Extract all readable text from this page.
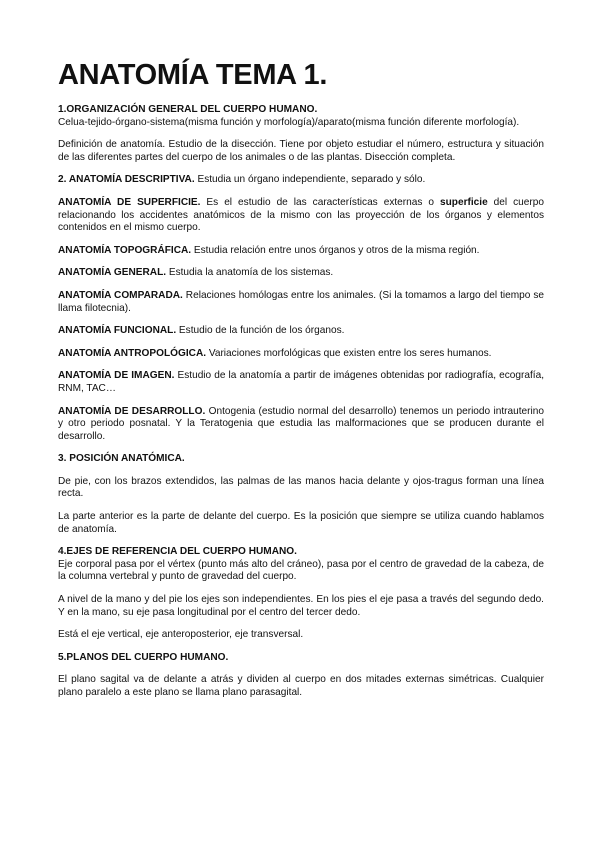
ANATOMÍA TEMA 1.

1.ORGANIZACIÓN GENERAL DEL CUERPO HUMANO.
Celua-tejido-órgano-sistema(misma función y morfología)/aparato(misma función diferente morfología).

Definición de anatomía. Estudio de la disección. Tiene por objeto estudiar el número, estructura y situación de las diferentes partes del cuerpo de los animales o de las plantas. Disección completa.

2. ANATOMÍA DESCRIPTIVA. Estudia un órgano independiente, separado y sólo.

ANATOMÍA DE SUPERFICIE. Es el estudio de las características externas o superficie del cuerpo relacionando los accidentes anatómicos de la mismo con las proyección de los órganos y elementos contenidos en el mismo cuerpo.

ANATOMÍA TOPOGRÁFICA. Estudia relación entre unos órganos y otros de la misma región.

ANATOMÍA GENERAL. Estudia la anatomía de los sistemas.

ANATOMÍA COMPARADA. Relaciones homólogas entre los animales. (Si la tomamos a largo del tiempo se llama filotecnia).

ANATOMÍA FUNCIONAL. Estudio de la función de los órganos.

ANATOMÍA ANTROPOLÓGICA. Variaciones morfológicas que existen entre los seres humanos.

ANATOMÍA DE IMAGEN. Estudio de la anatomía a partir de imágenes obtenidas por radiografía, ecografía, RNM, TAC…

ANATOMÍA DE DESARROLLO. Ontogenia (estudio normal del desarrollo) tenemos un periodo intrauterino y otro periodo posnatal. Y la Teratogenia que estudia las malformaciones que se producen durante el desarrollo.

3. POSICIÓN ANATÓMICA.

De pie, con los brazos extendidos, las palmas de las manos hacia delante y ojos-tragus forman una línea recta.

La parte anterior es la parte de delante del cuerpo. Es la posición que siempre se utiliza cuando hablamos de anatomía.

4.EJES DE REFERENCIA DEL CUERPO HUMANO.
Eje corporal pasa por el vértex (punto más alto del cráneo), pasa por el centro de gravedad de la cabeza, de la columna vertebral y punto de gravedad del cuerpo.

A nivel de la mano y del pie los ejes son independientes. En los pies el eje pasa a través del segundo dedo. Y en la mano, su eje pasa longitudinal por el centro del tercer dedo.

Está el eje vertical, eje anteroposterior, eje transversal.

5.PLANOS DEL CUERPO HUMANO.

El plano sagital va de delante a atrás y dividen al cuerpo en dos mitades externas simétricas. Cualquier plano paralelo a este plano se llama plano parasagital.
